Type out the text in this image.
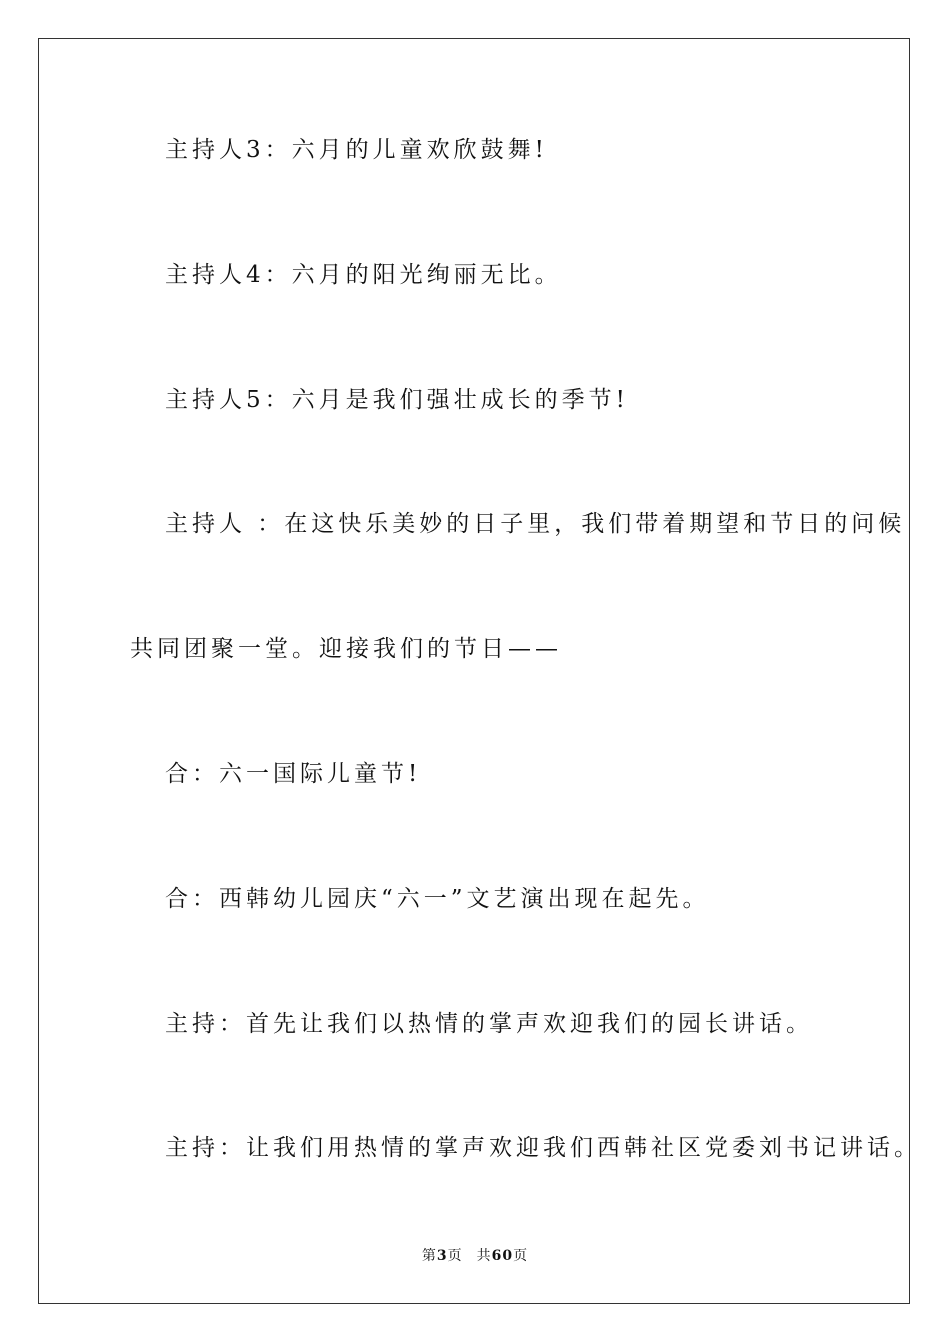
主持人3：六月的儿童欢欣鼓舞!
主持人4：六月的阳光绚丽无比。
主持人5：六月是我们强壮成长的季节!
主持人 ：在这快乐美妙的日子里，我们带着期望和节日的问候
共同团聚一堂。迎接我们的节日——
合：六一国际儿童节!
合：西韩幼儿园庆“六一”文艺演出现在起先。
主持：首先让我们以热情的掌声欢迎我们的园长讲话。
主持：让我们用热情的掌声欢迎我们西韩社区党委刘书记讲话。
第3页 共60页
